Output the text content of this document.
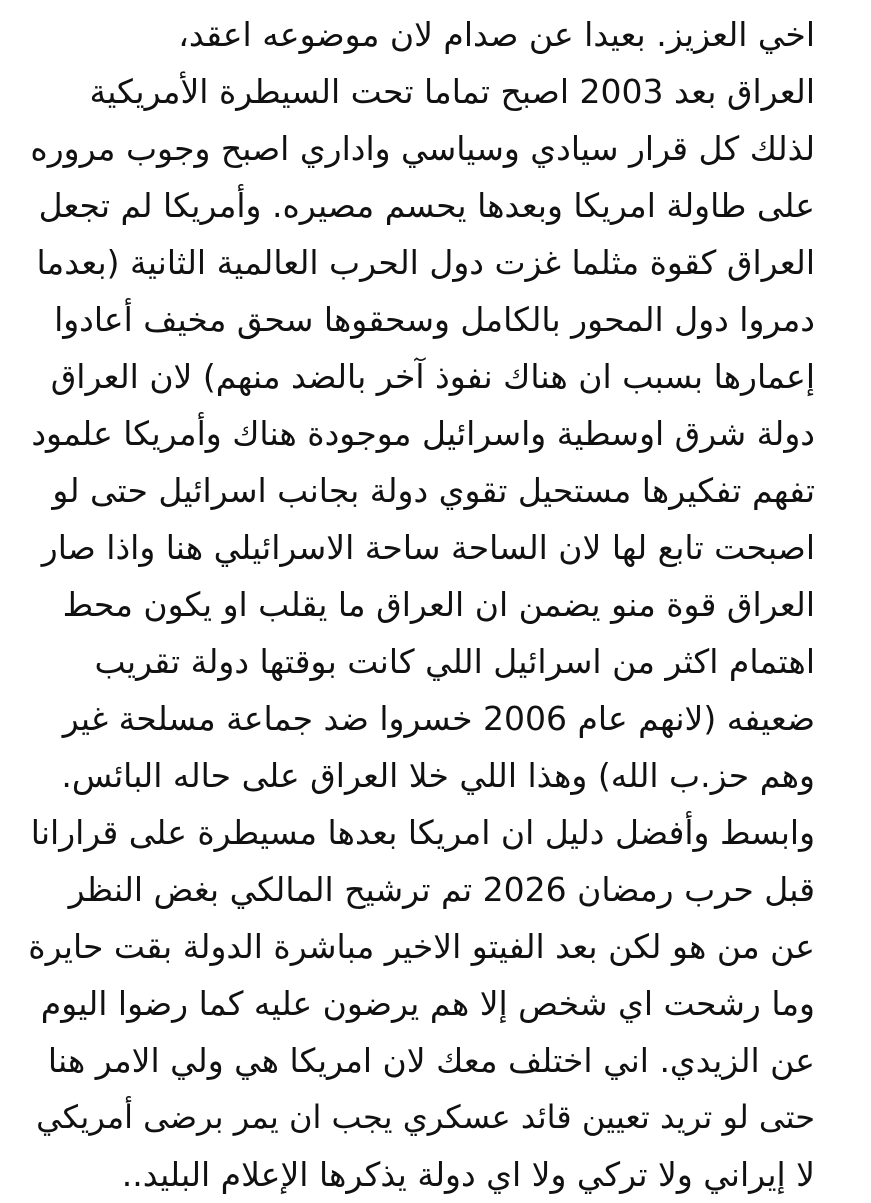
اخي العزيز. بعيدا عن صدام لان موضوعه اعقد،
العراق بعد 2003 اصبح تماما تحت السيطرة الأمريكية
لذلك كل قرار سيادي وسياسي واداري اصبح وجوب مروره
على طاولة امريكا وبعدها يحسم مصيره. وأمريكا لم تجعل
العراق كقوة مثلما غزت دول الحرب العالمية الثانية (بعدما
دمروا دول المحور بالكامل وسحقوها سحق مخيف أعادوا
إعمارها بسبب ان هناك نفوذ آخر بالضد منهم) لان العراق
دولة شرق اوسطية واسرائيل موجودة هناك وأمريكا علمود
تفهم تفكيرها مستحيل تقوي دولة بجانب اسرائيل حتى لو
اصبحت تابع لها لان الساحة ساحة الاسرائيلي هنا واذا صار
العراق قوة منو يضمن ان العراق ما يقلب او يكون محط
اهتمام اكثر من اسرائيل اللي كانت بوقتها دولة تقريب
ضعيفه (لانهم عام 2006 خسروا ضد جماعة مسلحة غير
وهم حز.ب الله) وهذا اللي خلا العراق على حاله البائس.
وابسط وأفضل دليل ان امريكا بعدها مسيطرة على قرارانا
قبل حرب رمضان 2026 تم ترشيح المالكي بغض النظر
عن من هو لكن بعد الفيتو الاخير مباشرة الدولة بقت حايرة
وما رشحت اي شخص إلا هم يرضون عليه كما رضوا اليوم
عن الزيدي. اني اختلف معك لان امريكا هي ولي الامر هنا
حتى لو تريد تعيين قائد عسكري يجب ان يمر برضى أمريكي
لا إيراني ولا تركي ولا اي دولة يذكرها الإعلام البليد..
